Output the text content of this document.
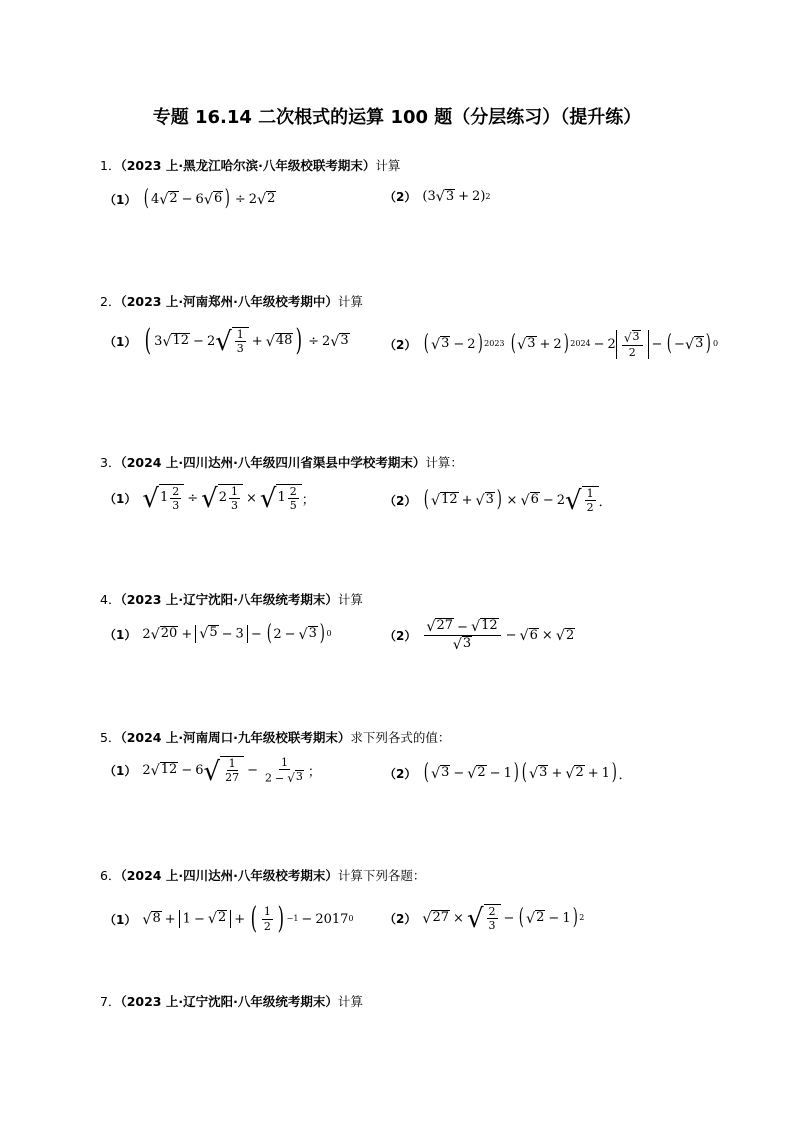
专题 16.14 二次根式的运算 100 题（分层练习）（提升练）
1．（2023 上·黑龙江哈尔滨·八年级校联考期末）计算
（1） ( 4 √ 2 − 6 √ 6 ) ÷ 2 √ 2	（2） ( 3 √ 3 + 2 ) 2
2．（2023 上·河南郑州·八年级校考期中）计算
（1） ( 3 √ 12 − 2 √ $\frac{1}{3}$ + √ 48 ) ÷ 2 √ 3	（2） ( √ 3 − 2 ) 2023 ( √ 3 + 2 ) $2024 - 2 \frac{√ 3}{2}$ − ( − √ 3 ) 0
3．（2024 上·四川达州·八年级四川省渠县中学校考期末）计算：
（1） √ $1 \frac{2}{3}$ ÷ √ $2 \frac{1}{3}$ × √ $1 \frac{2}{5}$ ；	（2） ( √ 12 + √ 3 ) × √ 6 − 2 √ $\frac{1}{2}$ ．
4．（2023 上·辽宁沈阳·八年级统考期末）计算
（1） 2 √ 20 + √ 5 − 3 − ( 2 − √ 3 ) 0	$(2) \frac{√ 27 - √ 12}{√ 3}$ − √ 6 × √ 2
5．（2024 上·河南周口·九年级校联考期末）求下列各式的值：
（1） 2 √ 12 − 6 √ $\frac{1}{27} - \frac{1}{2 - √ 3}$ ；	（2） ( √ 3 − √ 2 − 1 ) ( √ 3 + √ 2 + 1 ) ．
6．（2024 上·四川达州·八年级校考期末）计算下列各题：
（1） √ 8 + 1 − √ 2 + ( $\frac{1}{2}$ ) −1 − 2017 0	（2） √ 27 × √ $\frac{2}{3}$ − ( √ 2 − 1 ) 2
7．（2023 上·辽宁沈阳·八年级统考期末）计算
